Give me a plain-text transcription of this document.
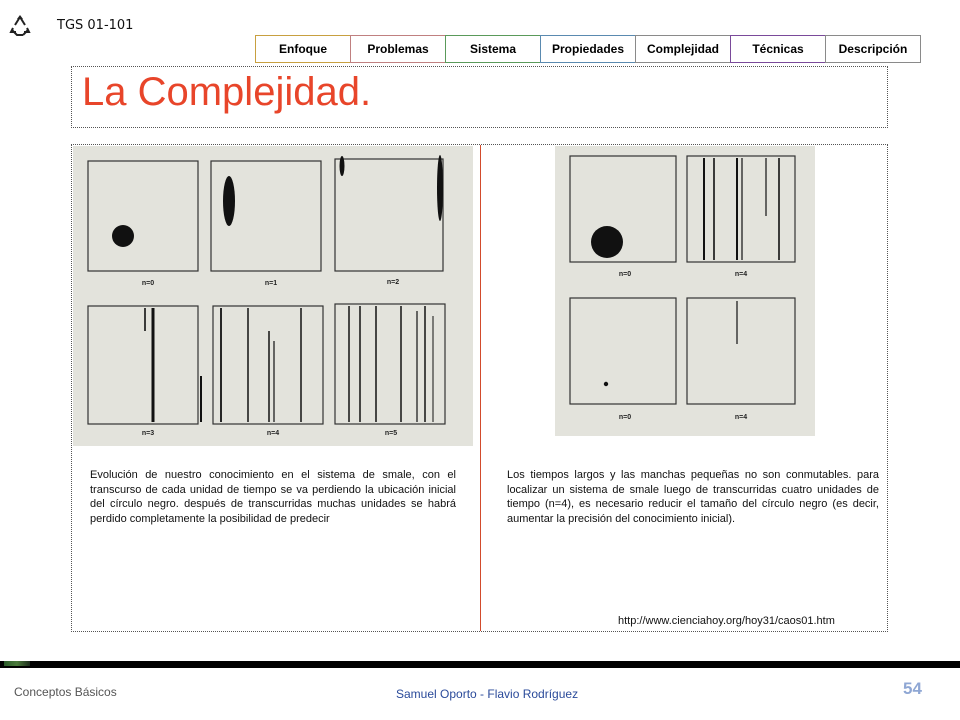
TGS 01-101
Enfoque	Problemas	Sistema	Propiedades	Complejidad	Técnicas	Descripción
La Complejidad.
n=0	n=1	n=2
n=3	n=4	n=5
n=0	n=4
n=0	n=4

Evolución de nuestro conocimiento en el sistema de smale, con el transcurso de cada unidad de tiempo se va perdiendo la ubicación inicial del círculo negro. después de transcurridas muchas unidades se habrá perdido completamente la posibilidad de predecir

Los tiempos largos y las manchas pequeñas no son conmutables. para localizar un sistema de smale luego de transcurridas cuatro unidades de tiempo (n=4), es necesario reducir el tamaño del círculo negro (es decir, aumentar la precisión del conocimiento inicial).

http://www.cienciahoy.org/hoy31/caos01.htm
Conceptos Básicos	Samuel Oporto - Flavio Rodríguez	54
